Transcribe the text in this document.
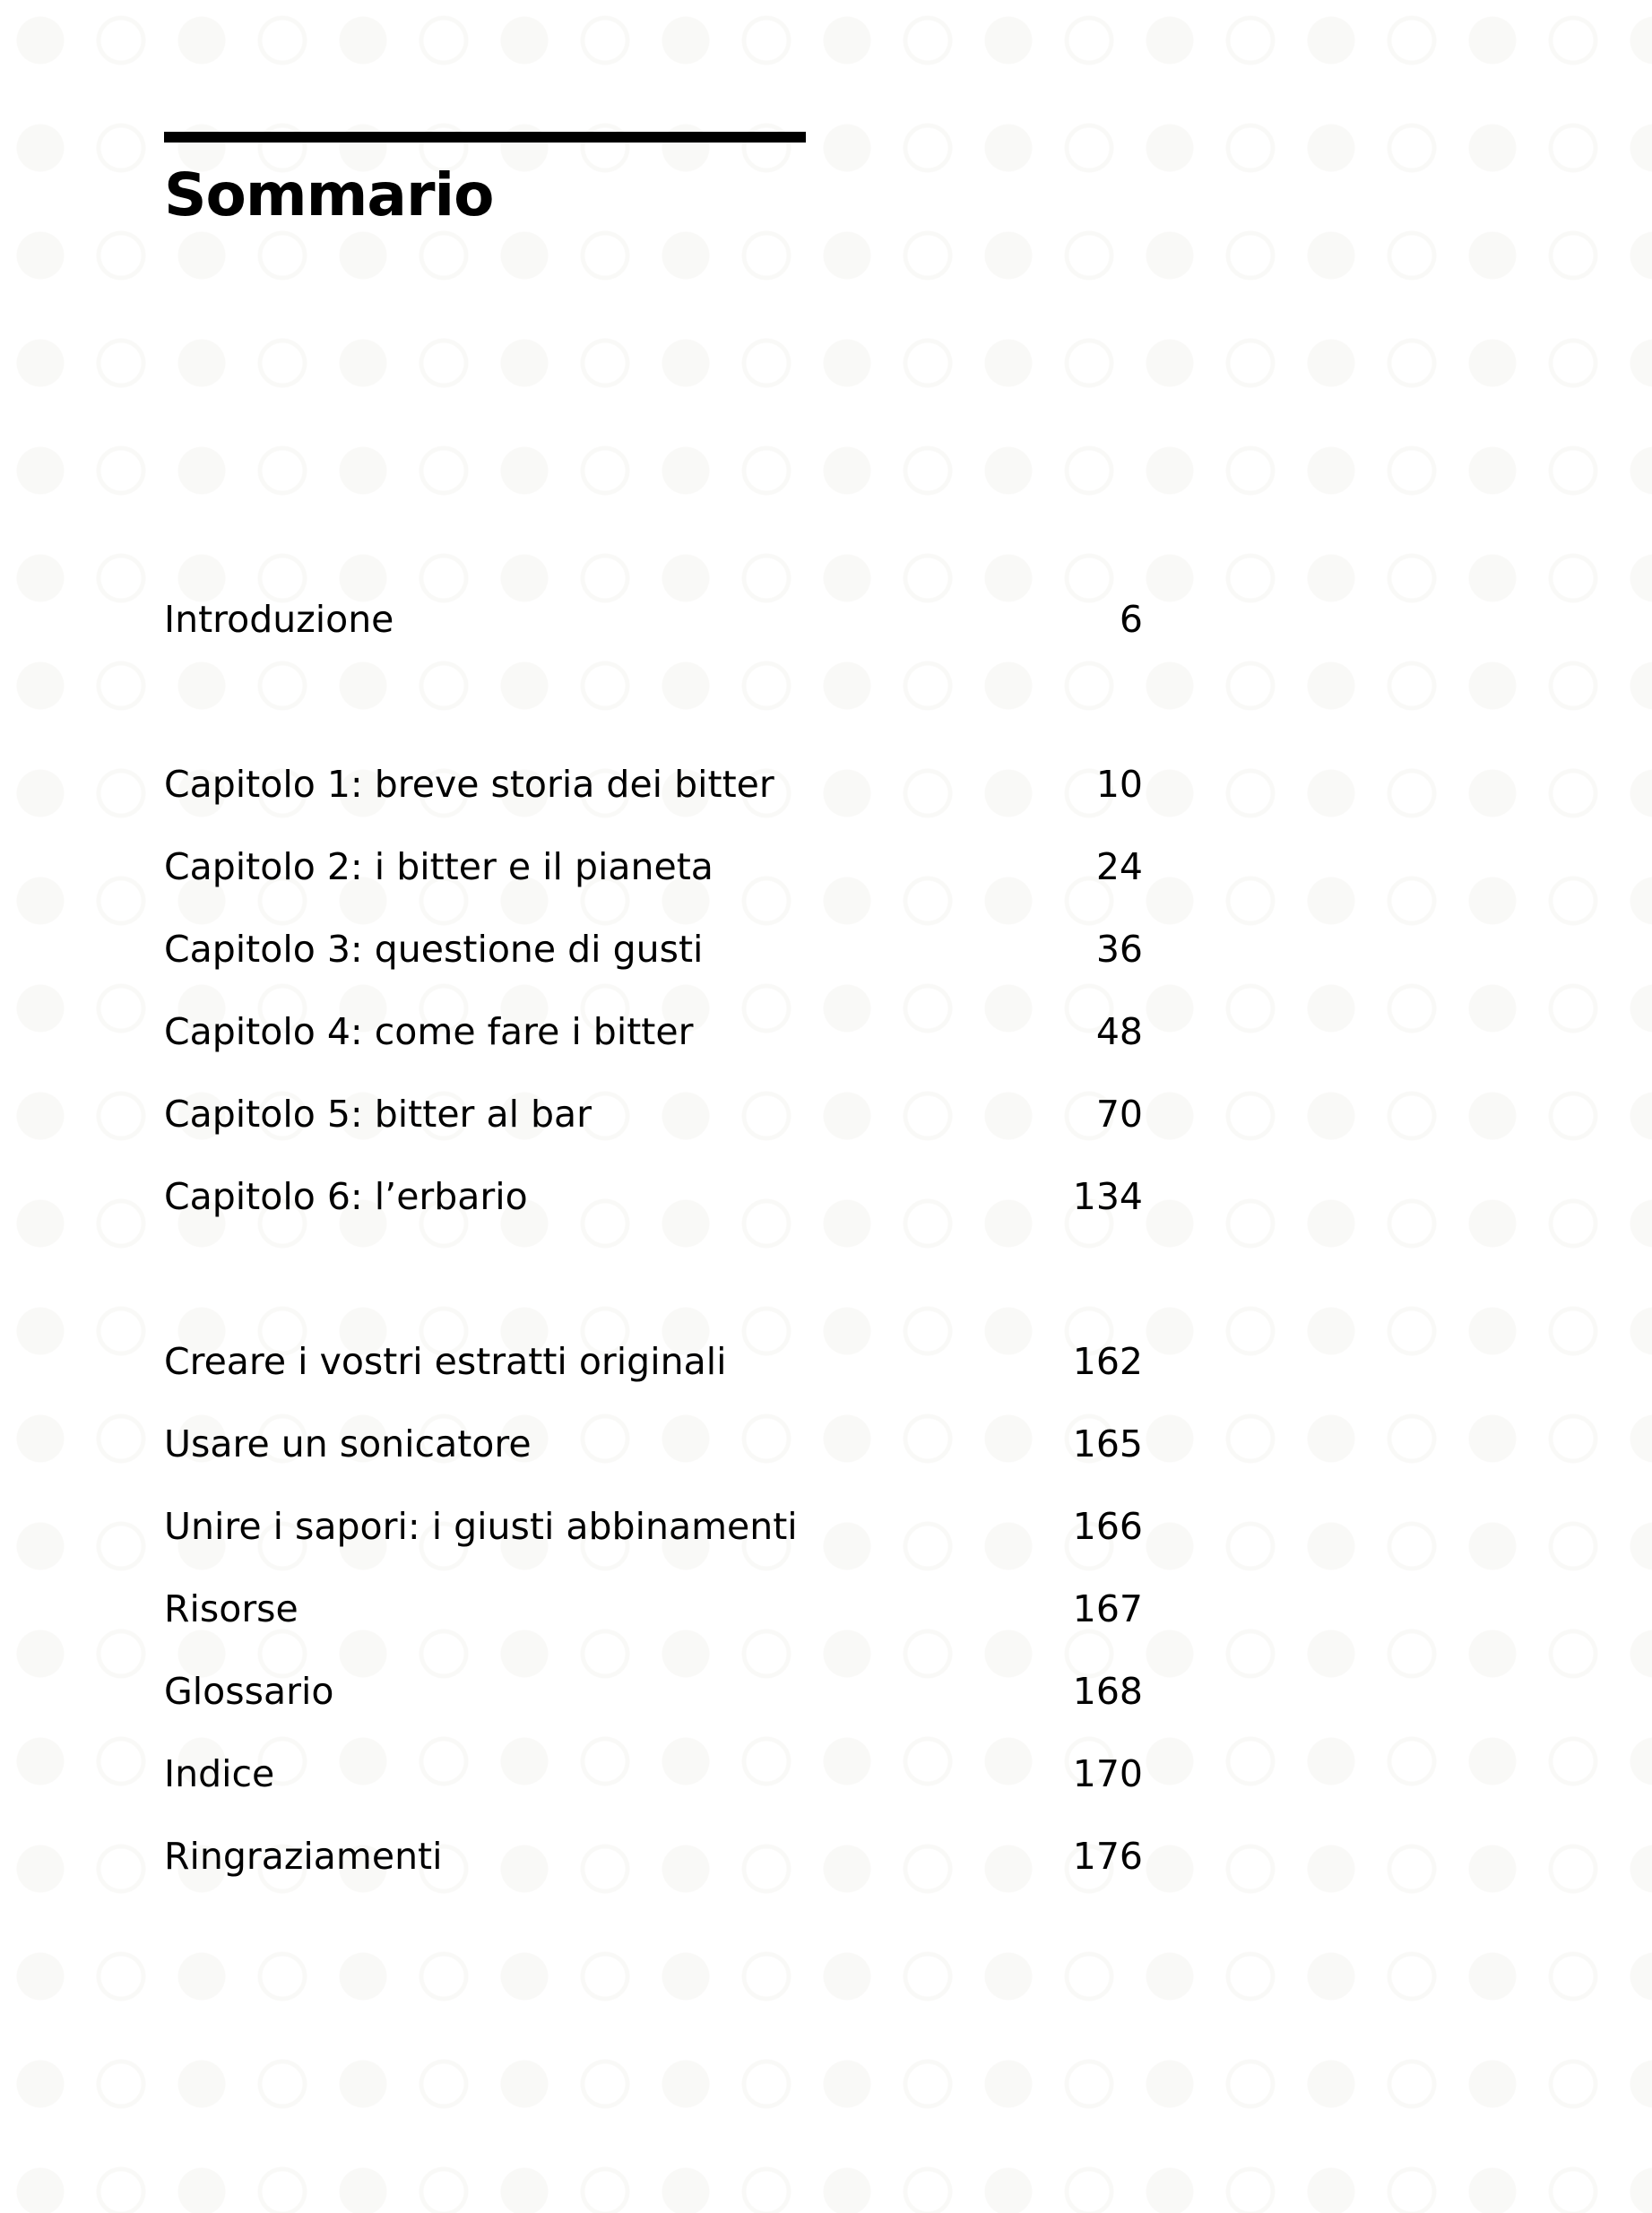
Sommario
Introduzione	6
Capitolo 1: breve storia dei bitter	10
Capitolo 2: i bitter e il pianeta	24
Capitolo 3: questione di gusti	36
Capitolo 4: come fare i bitter	48
Capitolo 5: bitter al bar	70
Capitolo 6: l’erbario	134
Creare i vostri estratti originali	162
Usare un sonicatore	165
Unire i sapori: i giusti abbinamenti	166
Risorse	167
Glossario	168
Indice	170
Ringraziamenti	176
